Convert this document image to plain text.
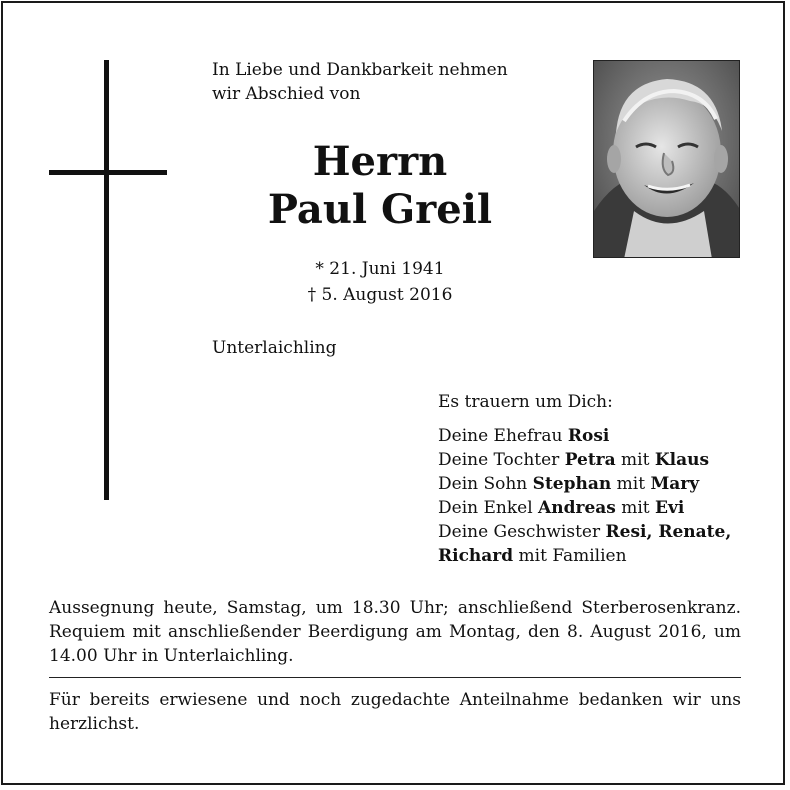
In Liebe und Dankbarkeit nehmen
wir Abschied von
Herrn
Paul Greil
* 21. Juni 1941
† 5. August 2016
Unterlaichling
Es trauern um Dich:
Deine Ehefrau Rosi
Deine Tochter Petra mit Klaus
Dein Sohn Stephan mit Mary
Dein Enkel Andreas mit Evi
Deine Geschwister Resi, Renate,
Richard mit Familien
Aussegnung heute, Samstag, um 18.30 Uhr; anschließend Sterberosenkranz. Requiem mit anschließender Beerdigung am Montag, den 8. August 2016, um 14.00 Uhr in Unterlaichling.
Für bereits erwiesene und noch zugedachte Anteilnahme bedanken wir uns herzlichst.
